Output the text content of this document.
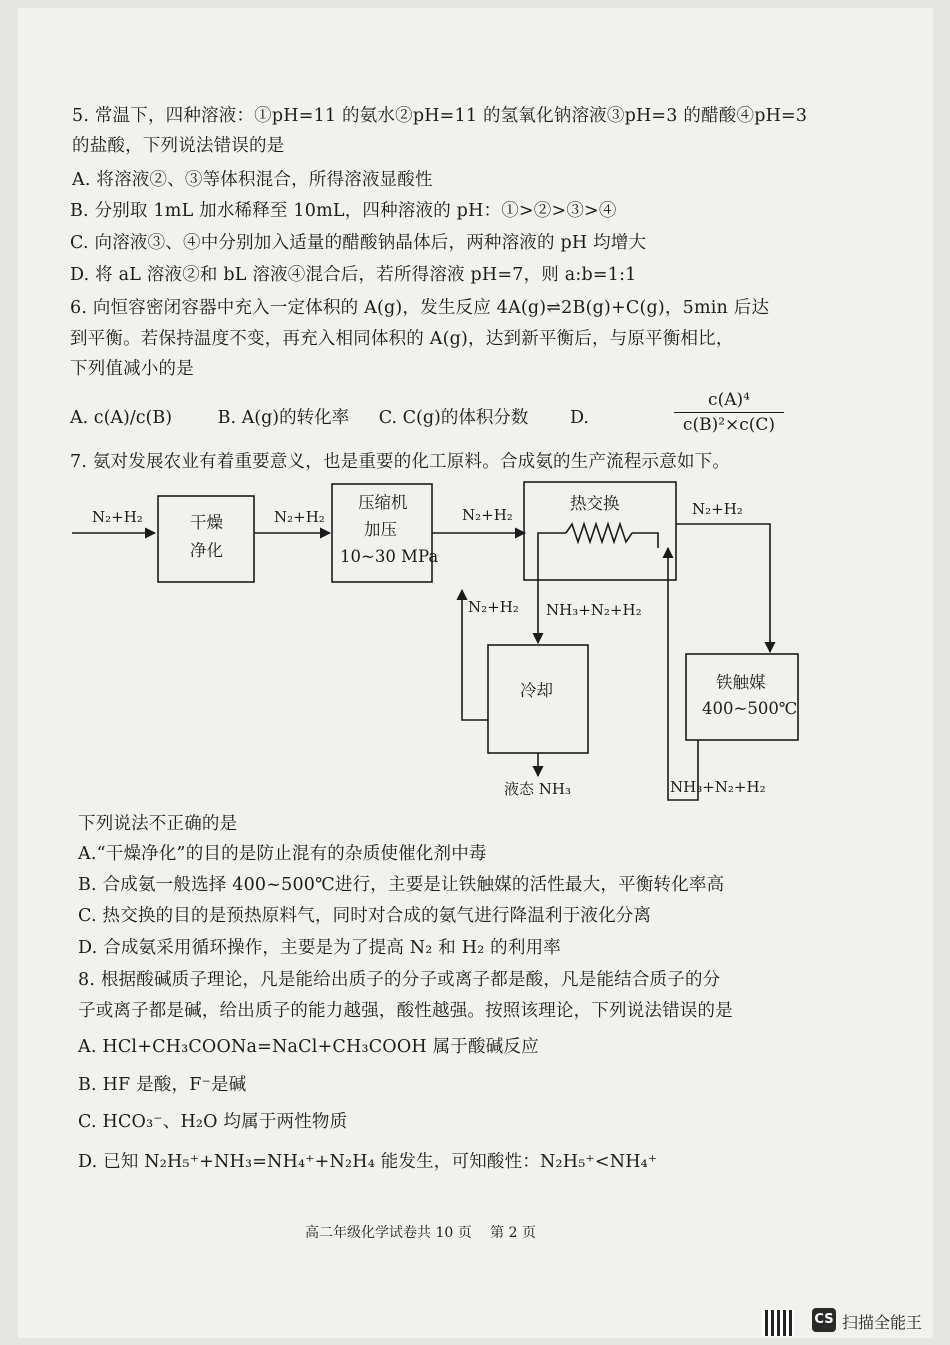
5. 常温下，四种溶液：①pH=11 的氨水②pH=11 的氢氧化钠溶液③pH=3 的醋酸④pH=3
的盐酸，下列说法错误的是
A. 将溶液②、③等体积混合，所得溶液显酸性
B. 分别取 1mL 加水稀释至 10mL，四种溶液的 pH：①>②>③>④
C. 向溶液③、④中分别加入适量的醋酸钠晶体后，两种溶液的 pH 均增大
D. 将 aL 溶液②和 bL 溶液④混合后，若所得溶液 pH=7，则 a:b=1:1
6. 向恒容密闭容器中充入一定体积的 A(g)，发生反应 4A(g)⇌2B(g)+C(g)，5min 后达
到平衡。若保持温度不变，再充入相同体积的 A(g)，达到新平衡后，与原平衡相比，
下列值减小的是
A. c(A)/c(B)	B. A(g)的转化率 C. C(g)的体积分数 D.	$\frac{\text{c(A)⁴}}{\text{c(B)²×c(C)}}$
7. 氨对发展农业有着重要意义，也是重要的化工原料。合成氨的生产流程示意如下。
N₂+H₂	干燥
净化
N₂+H₂
压缩机
加压
10~30 MPa
N₂+H₂
热交换	N₂+H₂
N₂+H₂ NH₃+N₂+H₂
冷却	铁触媒
400~500℃
液态 NH₃	NH₃+N₂+H₂
下列说法不正确的是
A.“干燥净化”的目的是防止混有的杂质使催化剂中毒
B. 合成氨一般选择 400~500℃进行，主要是让铁触媒的活性最大，平衡转化率高
C. 热交换的目的是预热原料气，同时对合成的氨气进行降温利于液化分离
D. 合成氨采用循环操作，主要是为了提高 N₂ 和 H₂ 的利用率
8. 根据酸碱质子理论，凡是能给出质子的分子或离子都是酸，凡是能结合质子的分
子或离子都是碱，给出质子的能力越强，酸性越强。按照该理论，下列说法错误的是
A. HCl+CH₃COONa=NaCl+CH₃COOH 属于酸碱反应
B. HF 是酸，F⁻是碱
C. HCO₃⁻、H₂O 均属于两性物质
D. 已知 N₂H₅⁺+NH₃=NH₄⁺+N₂H₄ 能发生，可知酸性：N₂H₅⁺<NH₄⁺
高二年级化学试卷共 10 页　 第 2 页
CS 扫描全能王
